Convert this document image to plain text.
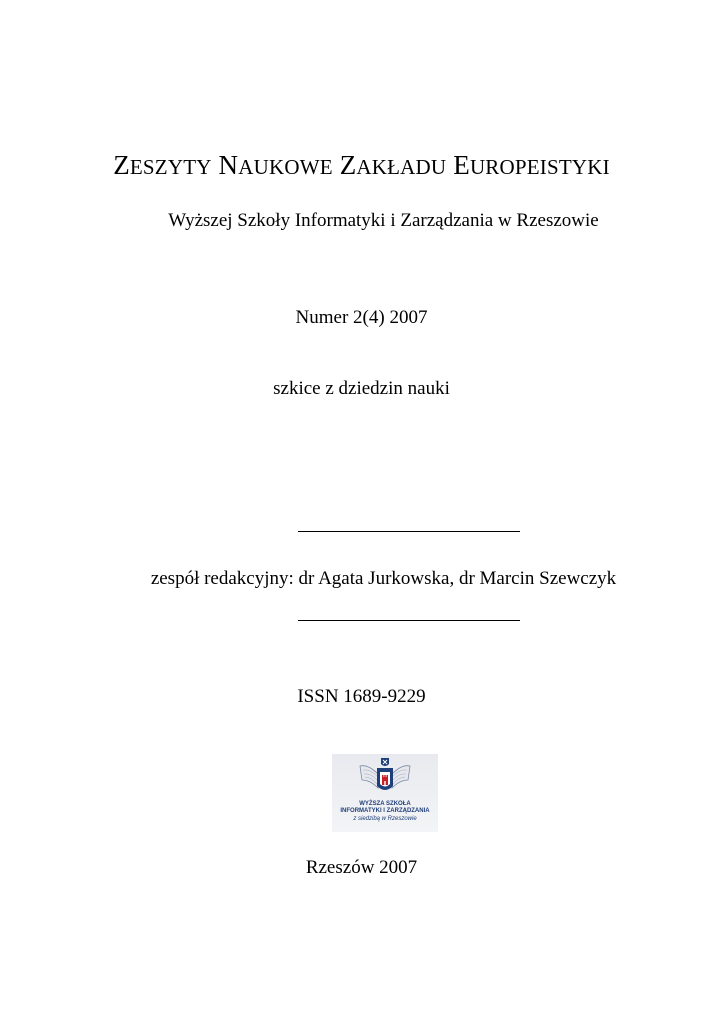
ZESZYTY NAUKOWE ZAKŁADU EUROPEISTYKI
Wyższej Szkoły Informatyki i Zarządzania w Rzeszowie
Numer 2(4) 2007
szkice z dziedzin nauki
zespół redakcyjny: dr Agata Jurkowska, dr Marcin Szewczyk
ISSN 1689-9229
WYŻSZA SZKOŁA
INFORMATYKI I ZARZĄDZANIA
z siedzibą w Rzeszowie
Rzeszów 2007
